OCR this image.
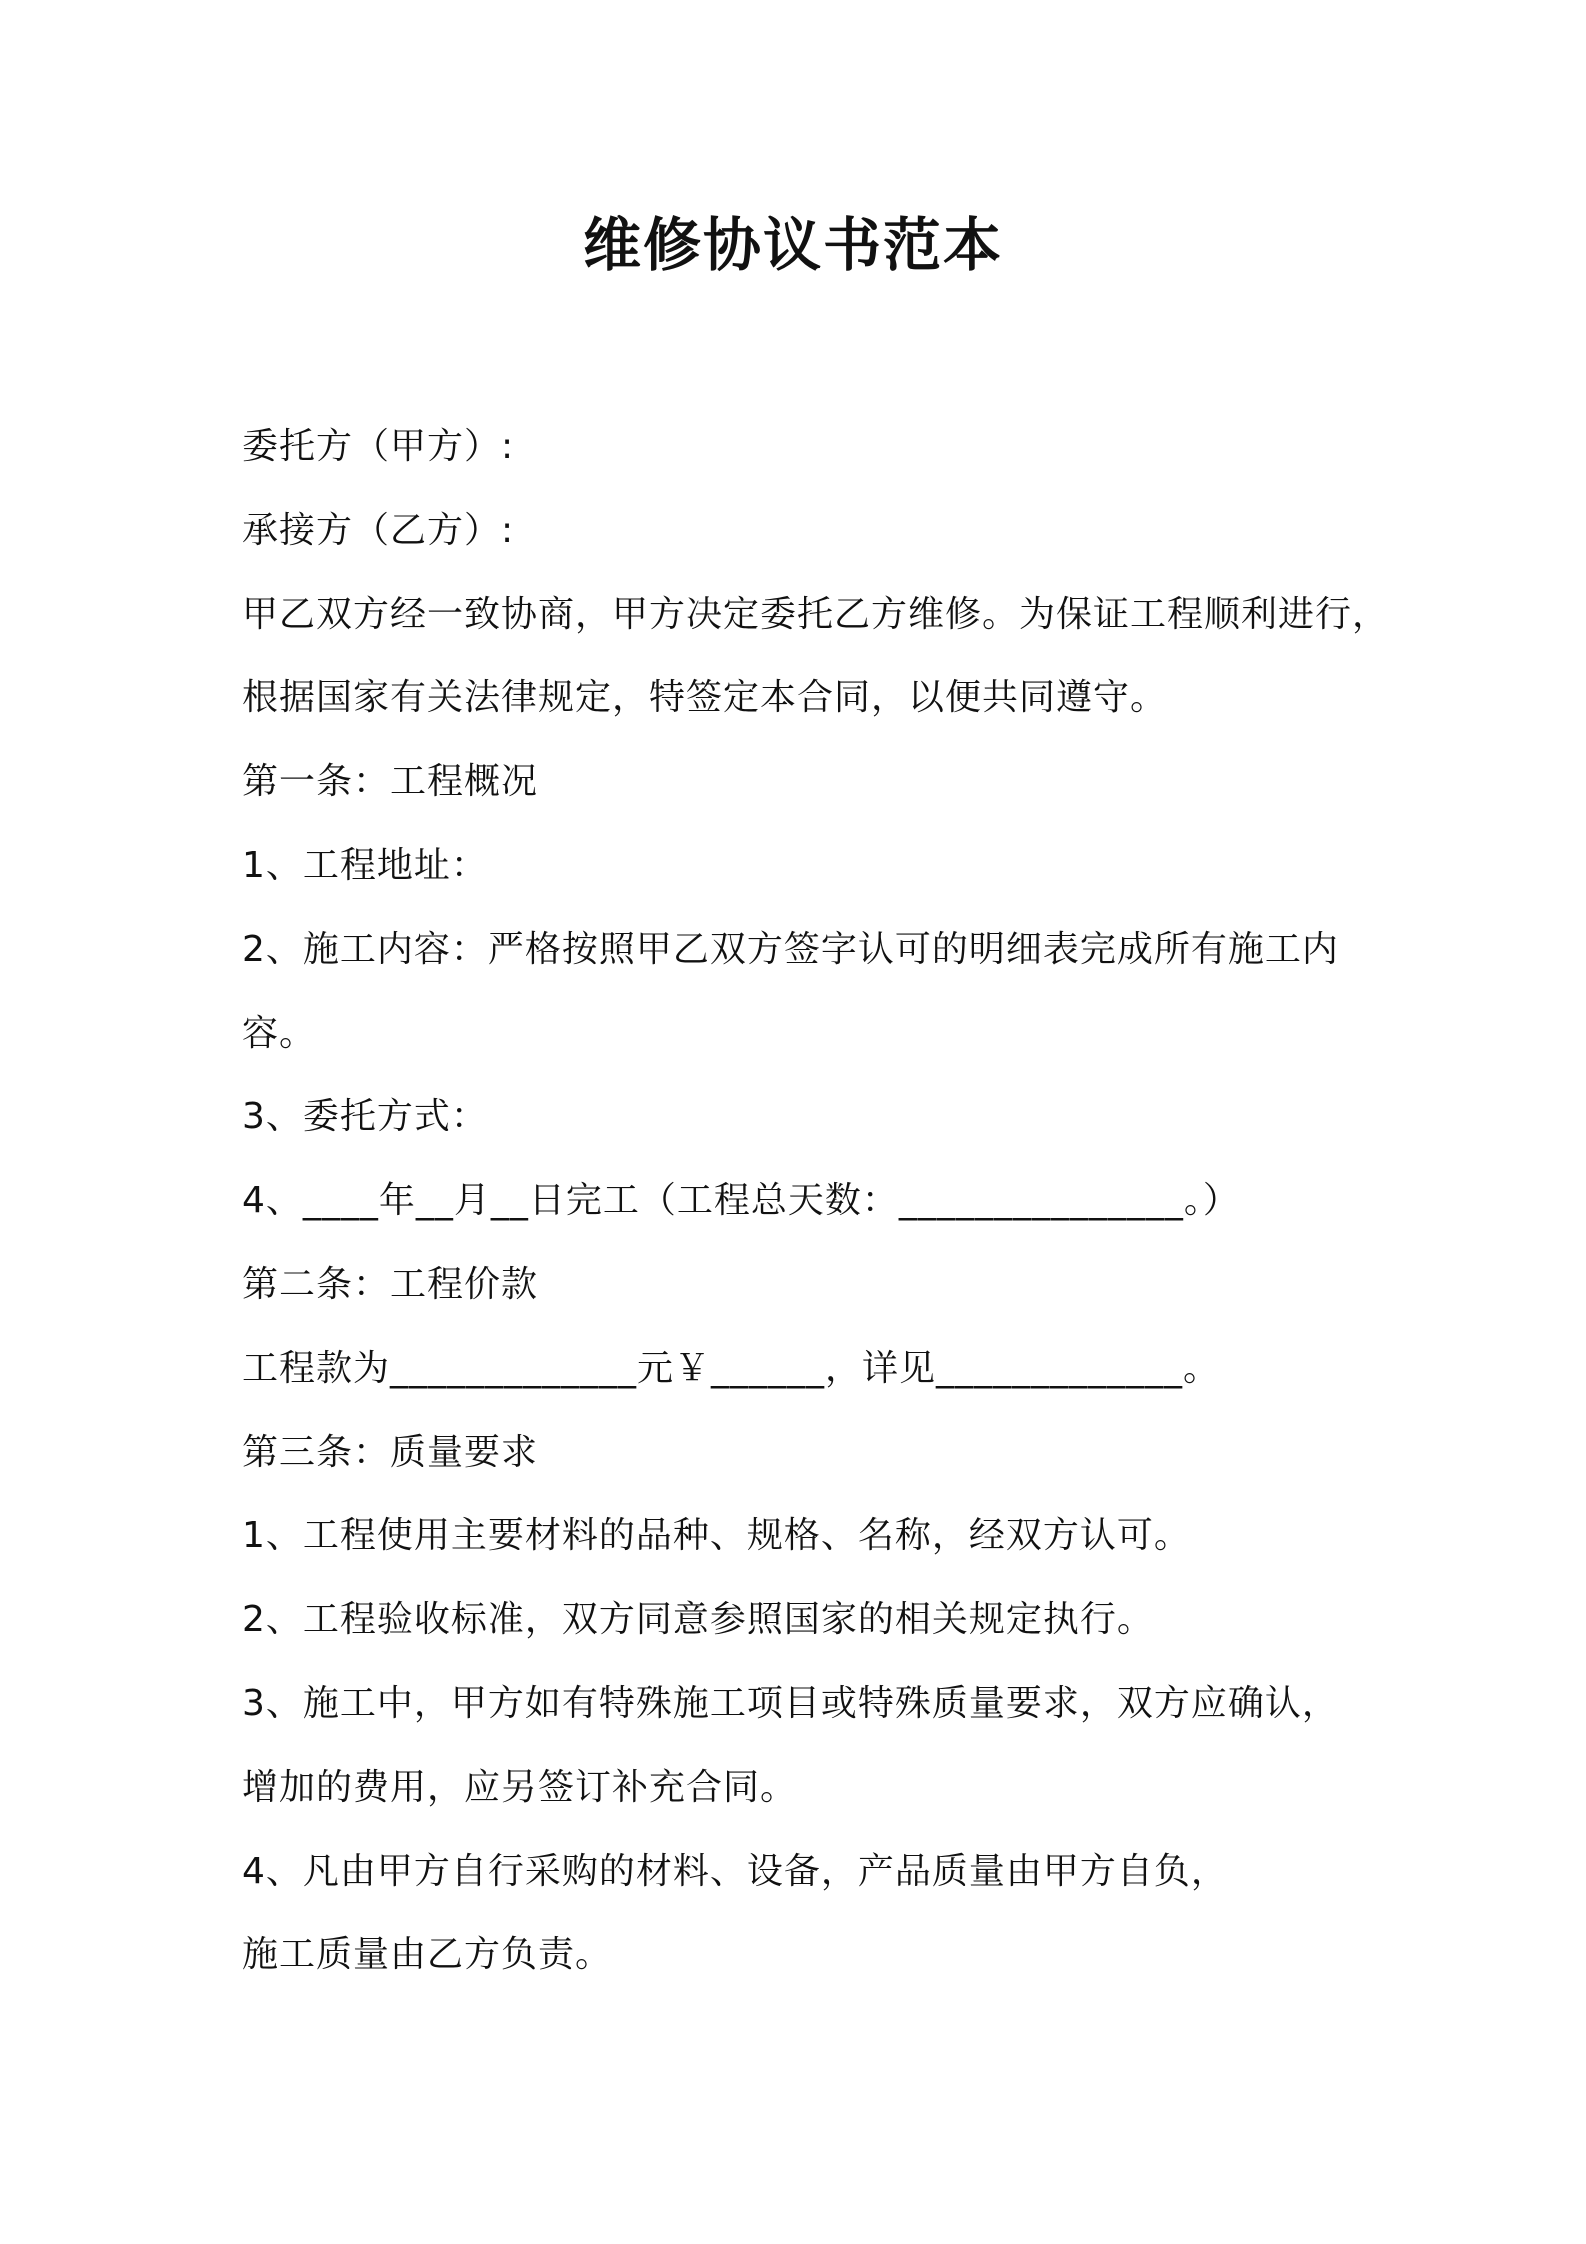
维修协议书范本
委托方（甲方）:
承接方（乙方）:
甲乙双方经一致协商，甲方决定委托乙方维修。为保证工程顺利进行，
根据国家有关法律规定，特签定本合同，以便共同遵守。
第一条：工程概况
1、工程地址：
2、施工内容：严格按照甲乙双方签字认可的明细表完成所有施工内
容。
3、委托方式：
4、____年__月__日完工（工程总天数：_______________。）
第二条：工程价款
工程款为_____________元￥______，详见_____________。
第三条：质量要求
1、工程使用主要材料的品种、规格、名称，经双方认可。
2、工程验收标准，双方同意参照国家的相关规定执行。
3、施工中，甲方如有特殊施工项目或特殊质量要求，双方应确认，
增加的费用，应另签订补充合同。
4、凡由甲方自行采购的材料、设备，产品质量由甲方自负，
施工质量由乙方负责。
